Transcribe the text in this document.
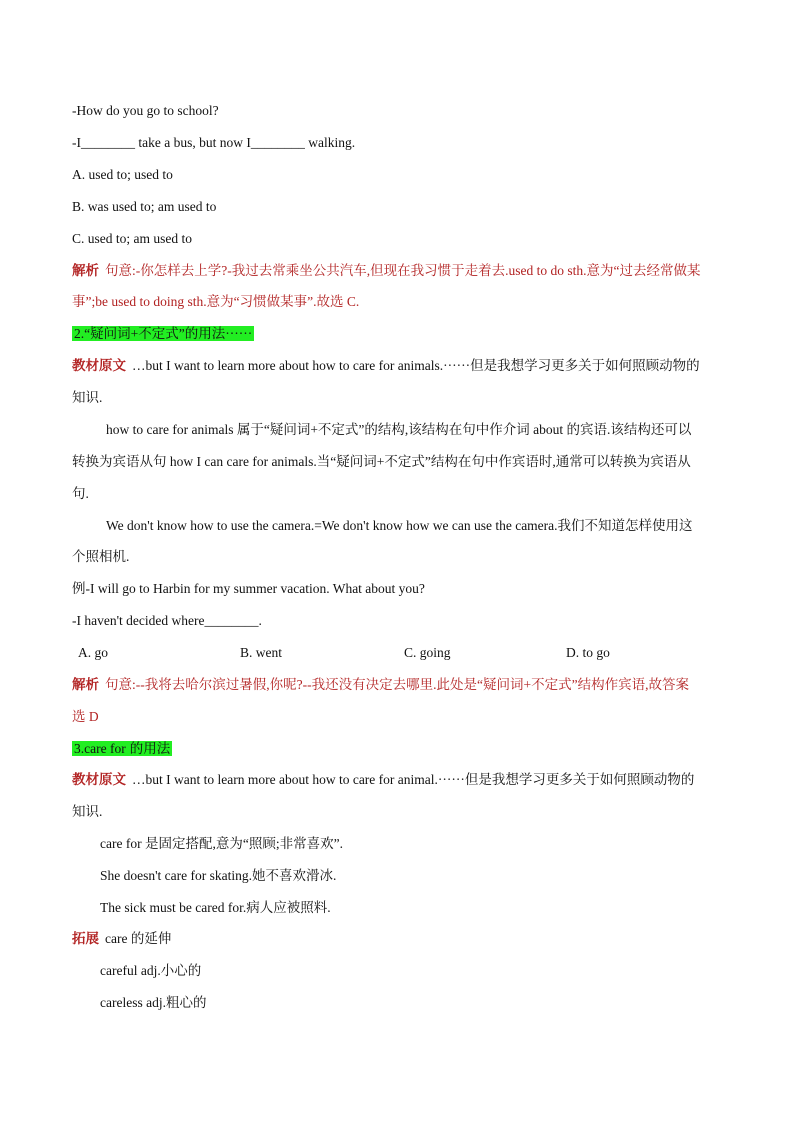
-How do you go to school?
-I________ take a bus, but now I________ walking.
A. used to; used to
B. was used to; am used to
C. used to; am used to
解析 句意:-你怎样去上学?-我过去常乘坐公共汽车,但现在我习惯于走着去.used to do sth.意为“过去经常做某
事”;be used to doing sth.意为“习惯做某事”.故选 C.
2.“疑问词+不定式”的用法······
教材原文 …but I want to learn more about how to care for animals.······但是我想学习更多关于如何照顾动物的
知识.
how to care for animals 属于“疑问词+不定式”的结构,该结构在句中作介词 about 的宾语.该结构还可以
转换为宾语从句 how I can care for animals.当“疑问词+不定式”结构在句中作宾语时,通常可以转换为宾语从
句.
We don't know how to use the camera.=We don't know how we can use the camera.我们不知道怎样使用这
个照相机.
例-I will go to Harbin for my summer vacation. What about you?
-I haven't decided where________.
A. go	B. went	C. going	D. to go
解析 句意:--我将去哈尔滨过暑假,你呢?--我还没有决定去哪里.此处是“疑问词+不定式”结构作宾语,故答案
选 D
3.care for 的用法
教材原文 …but I want to learn more about how to care for animal.······但是我想学习更多关于如何照顾动物的
知识.
care for 是固定搭配,意为“照顾;非常喜欢”.
She doesn't care for skating.她不喜欢滑冰.
The sick must be cared for.病人应被照料.
拓展 care 的延伸
careful adj.小心的
careless adj.粗心的
